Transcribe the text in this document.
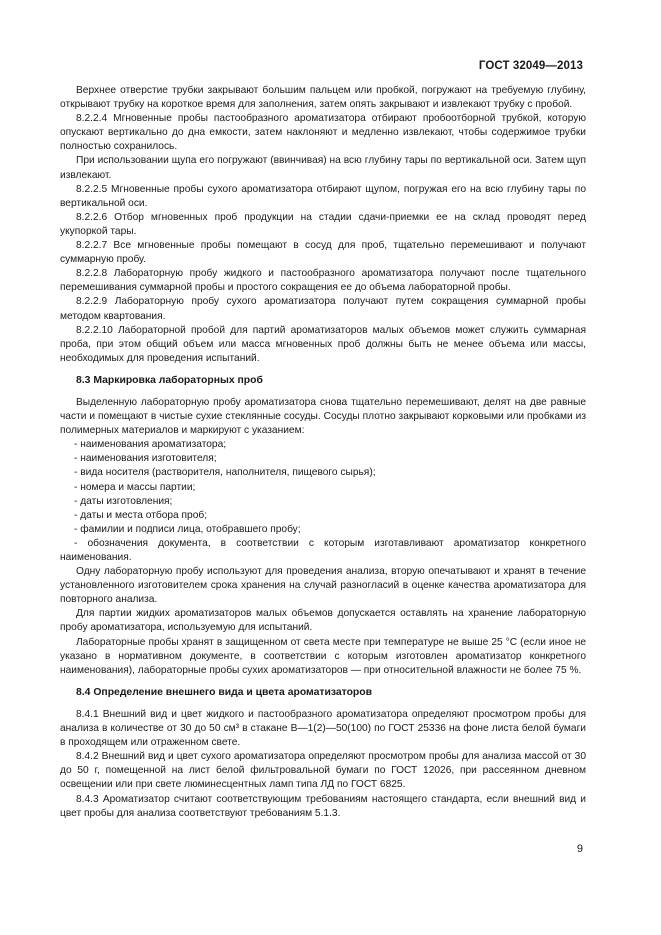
ГОСТ 32049—2013

Верхнее отверстие трубки закрывают большим пальцем или пробкой, погружают на требуемую глубину, открывают трубку на короткое время для заполнения, затем опять закрывают и извлекают трубку с пробой.

8.2.2.4 Мгновенные пробы пастообразного ароматизатора отбирают пробоотборной трубкой, которую опускают вертикально до дна емкости, затем наклоняют и медленно извлекают, чтобы содержимое трубки полностью сохранилось.

При использовании щупа его погружают (ввинчивая) на всю глубину тары по вертикальной оси. Затем щуп извлекают.

8.2.2.5 Мгновенные пробы сухого ароматизатора отбирают щупом, погружая его на всю глубину тары по вертикальной оси.

8.2.2.6 Отбор мгновенных проб продукции на стадии сдачи-приемки ее на склад проводят перед укупоркой тары.

8.2.2.7 Все мгновенные пробы помещают в сосуд для проб, тщательно перемешивают и получают суммарную пробу.

8.2.2.8 Лабораторную пробу жидкого и пастообразного ароматизатора получают после тщательного перемешивания суммарной пробы и простого сокращения ее до объема лабораторной пробы.

8.2.2.9 Лабораторную пробу сухого ароматизатора получают путем сокращения суммарной пробы методом квартования.

8.2.2.10 Лабораторной пробой для партий ароматизаторов малых объемов может служить суммарная проба, при этом общий объем или масса мгновенных проб должны быть не менее объема или массы, необходимых для проведения испытаний.

8.3 Маркировка лабораторных проб

Выделенную лабораторную пробу ароматизатора снова тщательно перемешивают, делят на две равные части и помещают в чистые сухие стеклянные сосуды. Сосуды плотно закрывают корковыми или пробками из полимерных материалов и маркируют с указанием:

- наименования ароматизатора;

- наименования изготовителя;

- вида носителя (растворителя, наполнителя, пищевого сырья);

- номера и массы партии;

- даты изготовления;

- даты и места отбора проб;

- фамилии и подписи лица, отобравшего пробу;

- обозначения документа, в соответствии с которым изготавливают ароматизатор конкретного наименования.

Одну лабораторную пробу используют для проведения анализа, вторую опечатывают и хранят в течение установленного изготовителем срока хранения на случай разногласий в оценке качества ароматизатора для повторного анализа.

Для партии жидких ароматизаторов малых объемов допускается оставлять на хранение лабораторную пробу ароматизатора, используемую для испытаний.

Лабораторные пробы хранят в защищенном от света месте при температуре не выше 25 °С (если иное не указано в нормативном документе, в соответствии с которым изготовлен ароматизатор конкретного наименования), лабораторные пробы сухих ароматизаторов — при относительной влажности не более 75 %.

8.4 Определение внешнего вида и цвета ароматизаторов

8.4.1 Внешний вид и цвет жидкого и пастообразного ароматизатора определяют просмотром пробы для анализа в количестве от 30 до 50 см³ в стакане В—1(2)—50(100) по ГОСТ 25336 на фоне листа белой бумаги в проходящем или отраженном свете.

8.4.2 Внешний вид и цвет сухого ароматизатора определяют просмотром пробы для анализа массой от 30 до 50 г, помещенной на лист белой фильтровальной бумаги по ГОСТ 12026, при рассеянном дневном освещении или при свете люминесцентных ламп типа ЛД по ГОСТ 6825.

8.4.3 Ароматизатор считают соответствующим требованиям настоящего стандарта, если внешний вид и цвет пробы для анализа соответствуют требованиям 5.1.3.

9
